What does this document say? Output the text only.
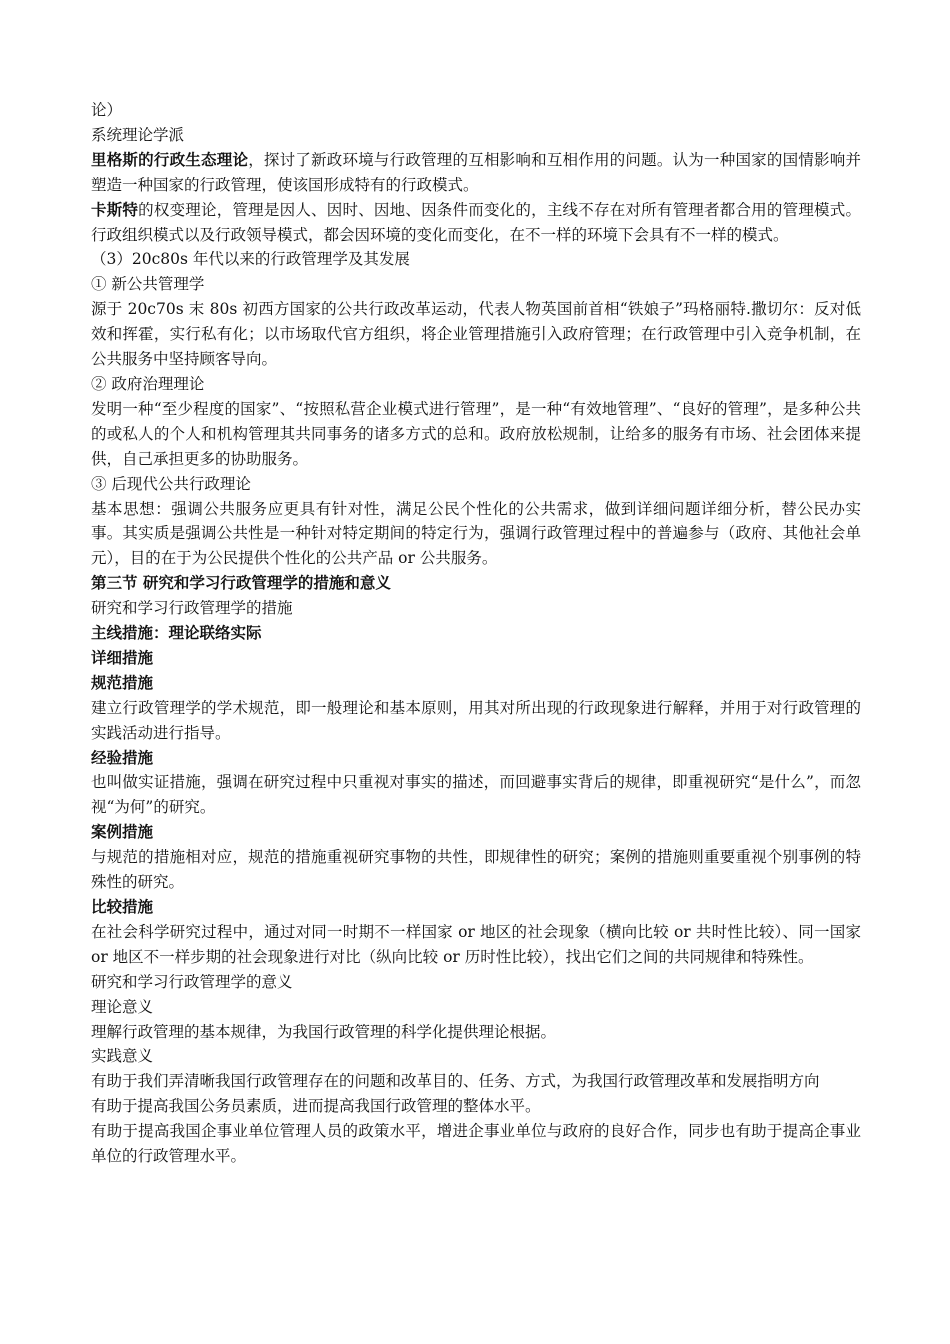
论）

系统理论学派

里格斯的行政生态理论，探讨了新政环境与行政管理的互相影响和互相作用的问题。认为一种国家的国情影响并塑造一种国家的行政管理，使该国形成特有的行政模式。

卡斯特的权变理论，管理是因人、因时、因地、因条件而变化的，主线不存在对所有管理者都合用的管理模式。行政组织模式以及行政领导模式，都会因环境的变化而变化，在不一样的环境下会具有不一样的模式。

（3）20c80s 年代以来的行政管理学及其发展

① 新公共管理学

源于 20c70s 末 80s 初西方国家的公共行政改革运动，代表人物英国前首相“铁娘子”玛格丽特.撒切尔：反对低效和挥霍，实行私有化；以市场取代官方组织，将企业管理措施引入政府管理；在行政管理中引入竞争机制，在公共服务中坚持顾客导向。

② 政府治理理论

发明一种“至少程度的国家”、“按照私营企业模式进行管理”，是一种“有效地管理”、“良好的管理”，是多种公共的或私人的个人和机构管理其共同事务的诸多方式的总和。政府放松规制，让给多的服务有市场、社会团体来提供，自己承担更多的协助服务。

③ 后现代公共行政理论

基本思想：强调公共服务应更具有针对性，满足公民个性化的公共需求，做到详细问题详细分析，替公民办实事。其实质是强调公共性是一种针对特定期间的特定行为，强调行政管理过程中的普遍参与（政府、其他社会单元），目的在于为公民提供个性化的公共产品 or 公共服务。

第三节 研究和学习行政管理学的措施和意义

研究和学习行政管理学的措施

主线措施：理论联络实际

详细措施

规范措施

建立行政管理学的学术规范，即一般理论和基本原则，用其对所出现的行政现象进行解释，并用于对行政管理的实践活动进行指导。

经验措施

也叫做实证措施，强调在研究过程中只重视对事实的描述，而回避事实背后的规律，即重视研究“是什么”，而忽视“为何”的研究。

案例措施

与规范的措施相对应，规范的措施重视研究事物的共性，即规律性的研究；案例的措施则重要重视个别事例的特殊性的研究。

比较措施

在社会科学研究过程中，通过对同一时期不一样国家 or 地区的社会现象（横向比较 or 共时性比较）、同一国家 or 地区不一样步期的社会现象进行对比（纵向比较 or 历时性比较），找出它们之间的共同规律和特殊性。

研究和学习行政管理学的意义

理论意义

理解行政管理的基本规律，为我国行政管理的科学化提供理论根据。

实践意义

有助于我们弄清晰我国行政管理存在的问题和改革目的、任务、方式，为我国行政管理改革和发展指明方向

有助于提高我国公务员素质，进而提高我国行政管理的整体水平。

有助于提高我国企事业单位管理人员的政策水平，增进企事业单位与政府的良好合作，同步也有助于提高企事业单位的行政管理水平。
